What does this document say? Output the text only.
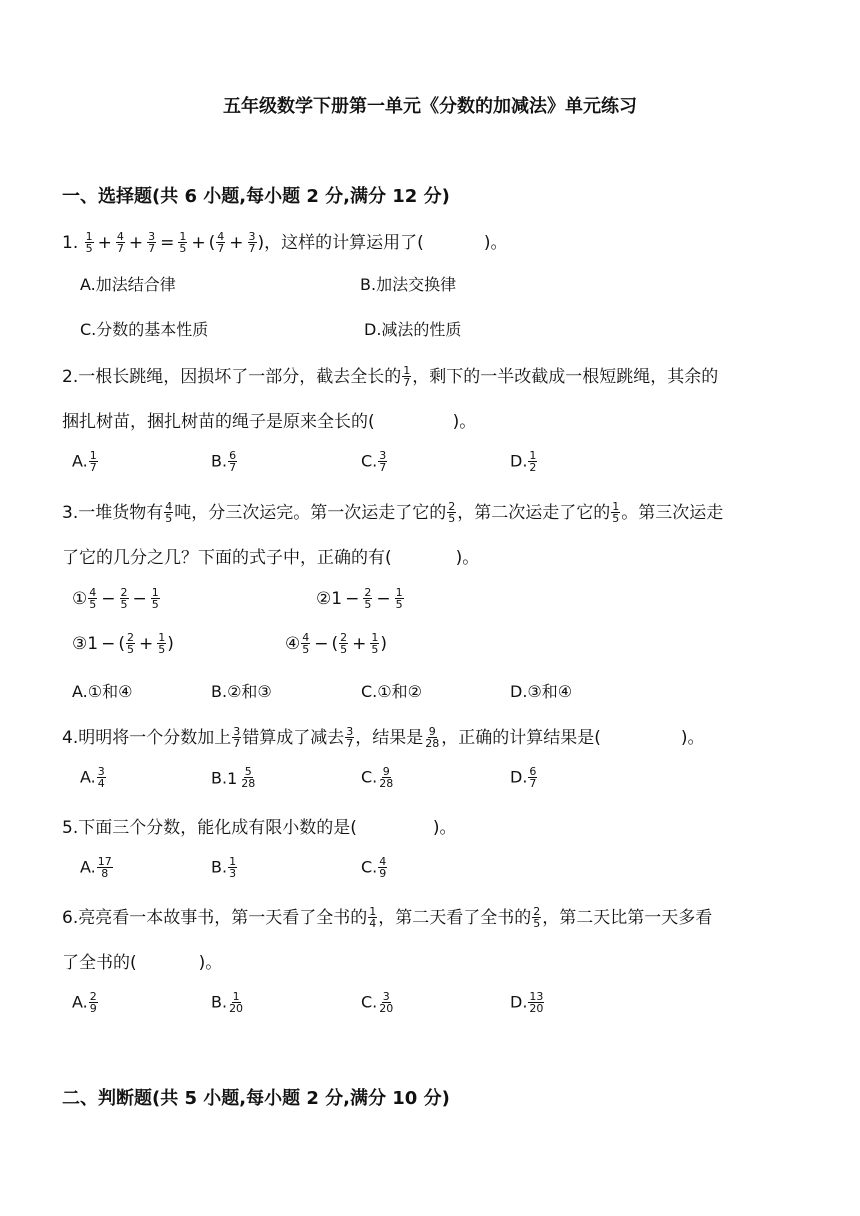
五年级数学下册第一单元《分数的加减法》单元练习
一、选择题(共 6 小题,每小题 2 分,满分 12 分)
1. $\frac{1}{5} + \frac{4}{7} + \frac{3}{7} = \frac{1}{5}$ + ( $\frac{4}{7} + \frac{3}{7}$ )，这样的计算运用了(	)。
A.加法结合律	B.加法交换律
C.分数的基本性质	D.减法的性质
2.一根长跳绳，因损坏了一部分，截去全长的 $\frac{1}{7}$ ，剩下的一半改截成一根短跳绳，其余的
捆扎树苗，捆扎树苗的绳子是原来全长的(	)。
A. $\frac{1}{7}$	B. $\frac{6}{7}$	C. $\frac{3}{7}$	D. $\frac{1}{2}$
3.一堆货物有 $\frac{4}{5}$ 吨，分三次运完。第一次运走了它的 $\frac{2}{5}$ ，第二次运走了它的 $\frac{1}{5}$ 。第三次运走
了它的几分之几？下面的式子中，正确的有(	)。
① $\frac{4}{5} - \frac{2}{5} - \frac{1}{5}$	②1 − $\frac{2}{5} - \frac{1}{5}$
③1 − ( $\frac{2}{5} + \frac{1}{5}$ )	④ $\frac{4}{5}$ − ( $\frac{2}{5} + \frac{1}{5}$ )
A.①和④	B.②和③	C.①和②	D.③和④
4.明明将一个分数加上 $\frac{3}{7}$ 错算成了减去 $\frac{3}{7}$ ，结果是 $\frac{9}{28}$ ，正确的计算结果是(	)。
A. $\frac{3}{4}$	B. $1 \frac{5}{28}$	C. $\frac{9}{28}$	D. $\frac{6}{7}$
5.下面三个分数，能化成有限小数的是(	)。
A. $\frac{17}{8}$	B. $\frac{1}{3}$	C. $\frac{4}{9}$
6.亮亮看一本故事书，第一天看了全书的 $\frac{1}{4}$ ，第二天看了全书的 $\frac{2}{5}$ ，第二天比第一天多看
了全书的(	)。
A. $\frac{2}{9}$	B. $\frac{1}{20}$	C. $\frac{3}{20}$	D. $\frac{13}{20}$
二、判断题(共 5 小题,每小题 2 分,满分 10 分)
